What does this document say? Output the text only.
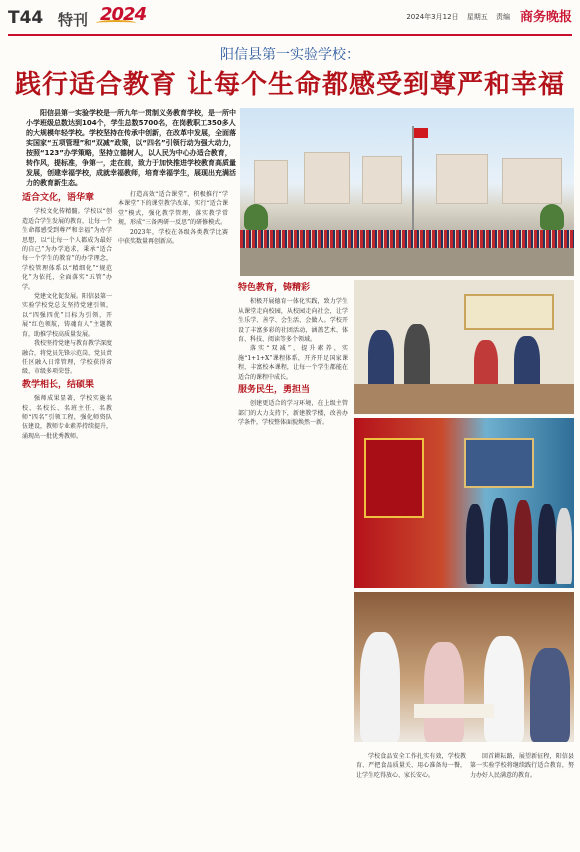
T44 特刊 2024	2024年3月12日 星期五 责编 商务晚报
阳信县第一实验学校：
践行适合教育 让每个生命都感受到尊严和幸福
阳信县第一实验学校是一所九年一贯制义务教育学校，是一所中小学班级总数达到104个，学生总数5700名，在岗教职工350多人的大规模年轻学校。学校坚持在传承中创新，在改革中发展，全面落实国家“五项管理”和“双减”政策，以“四名”引领行动为强大动力，按照“123”办学策略，坚持立德树人，以人民为中心办适合教育，转作风，提标准，争第一，走在前，致力于加快推进学校教育高质量发展，创建幸福学校，成就幸福教师，培育幸福学生，展现出充满活力的教育新生态。
适合文化，语华章

学校文化传精髓。学校以“创造适合学生发展的教育，让每一个生命都感受到尊严和幸福”为办学思想，以“让每一个人都成为最好的自己”为办学追求，秉承“适合每一个学生的教育”的办学理念，学校管理体系以“精细化”“规范化”为依托，全面落实“五管”办学。

党建文化促发展。阳信县第一实验学校党总支坚持党建引领，以“四强四优”目标为引领，开展“红色领航，铸魂育人”主题教育，助推学校高质量发展。

我校坚持党建与教育教学深度融合，将党员先锋示范岗、党员责任区融入日常管理，学校获得省级、市级多项荣誉。

教学相长，结硕果

强师成果显著，学校实施名校、名校长、名班主任、名教师“四名”引领工程，强化师资队伍建设，教师专业素养持续提升，涌现出一批优秀教师。

打造高效“适合课堂”，积极推行“学本课堂”下的课堂教学改革，实行“适合课堂”模式，强化教学管理，落实教学常规，形成“三备两研一反思”的研修模式。

2023年，学校在各级各类教学比赛中获奖数量再创新高。

特色教育，铸精彩

积极开展德育一体化实践，致力学生从课堂走向校园，从校园走向社会，让学生乐学、善学、会生活、会做人。学校开设了丰富多彩的社团活动，涵盖艺术、体育、科技、阅读等多个领域。

落实“双减”，提升素养，实施“1+1+X”课程体系，开齐开足国家课程，丰富校本课程，让每一个学生都能在适合的课程中成长。

服务民生，勇担当

创建更适合的学习环境，在上级主管部门的大力支持下，新建教学楼，改善办学条件，学校整体面貌焕然一新。

学校食品安全工作扎实有效，学校教育、严把食品质量关、用心准备每一餐，让学生吃得放心、家长安心。

回首耕耘路，展望新征程，阳信县第一实验学校将继续践行适合教育，努力办好人民满意的教育。
